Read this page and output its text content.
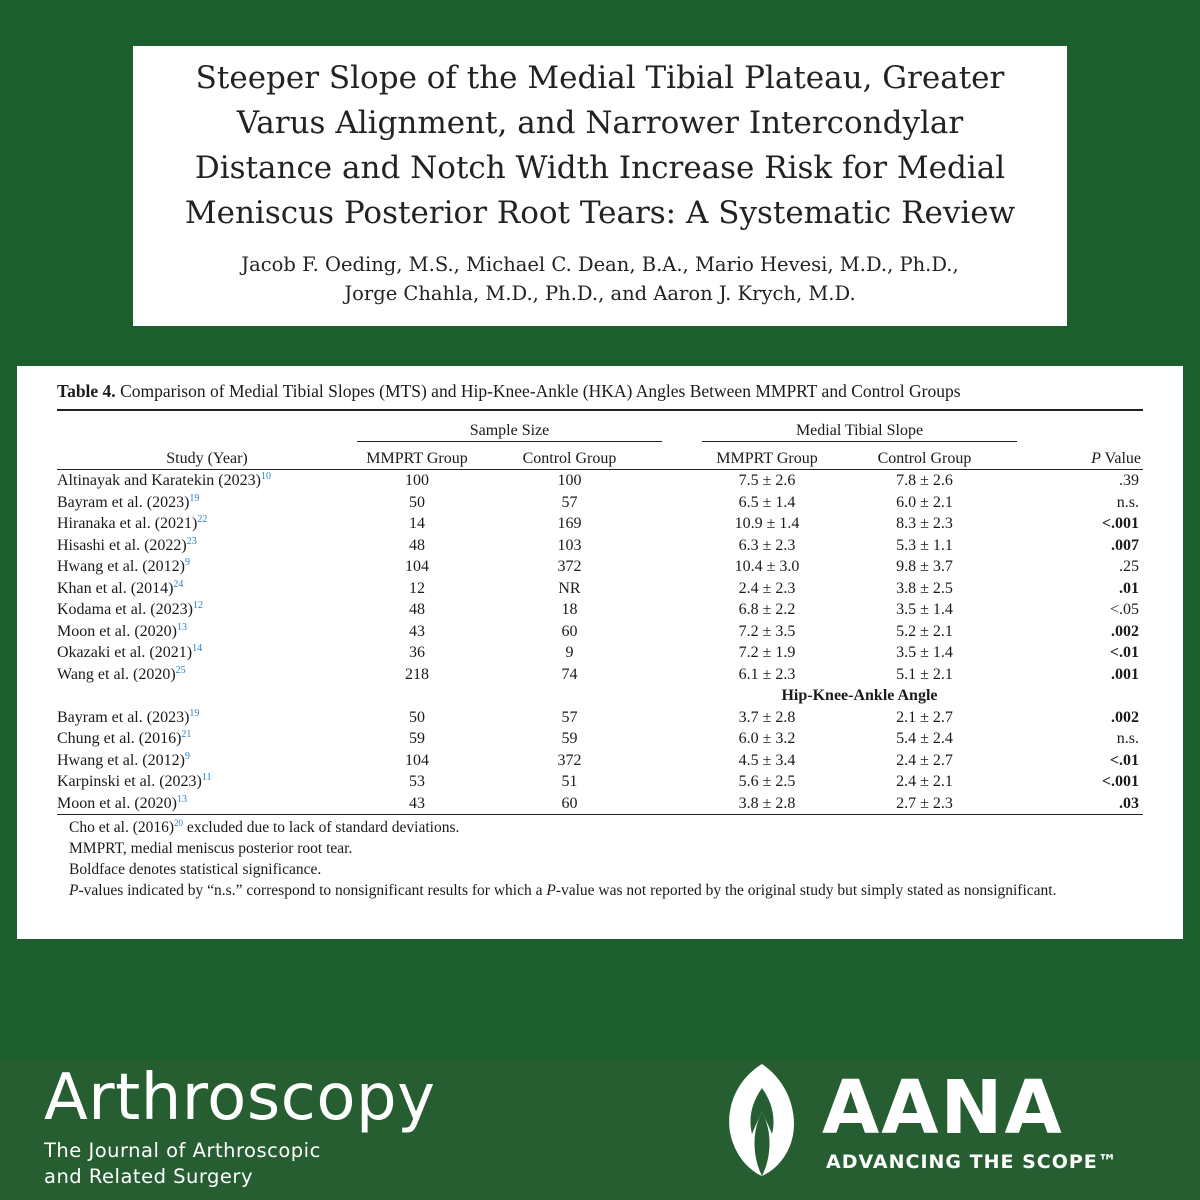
Steeper Slope of the Medial Tibial Plateau, Greater
Varus Alignment, and Narrower Intercondylar
Distance and Notch Width Increase Risk for Medial
Meniscus Posterior Root Tears: A Systematic Review
Jacob F. Oeding, M.S., Michael C. Dean, B.A., Mario Hevesi, M.D., Ph.D.,
Jorge Chahla, M.D., Ph.D., and Aaron J. Krych, M.D.
Table 4. Comparison of Medial Tibial Slopes (MTS) and Hip-Knee-Ankle (HKA) Angles Between MMPRT and Control Groups
	Sample Size			Medial Tibial Slope		
Study (Year)	MMPRT Group	Control Group		MMPRT Group	Control Group	P Value
Altinayak and Karatekin $(2023)^{10}$	100	100		7.5 ± 2.6	7.8 ± 2.6	.39
Bayram et al. $(2023)^{19}$	50	57		6.5 ± 1.4	6.0 ± 2.1	n.s.
Hiranaka et al. $(2021)^{22}$	14	169		10.9 ± 1.4	8.3 ± 2.3	<.001
Hisashi et al. $(2022)^{23}$	48	103		6.3 ± 2.3	5.3 ± 1.1	.007
Hwang et al. $(2012)^9$	104	372		10.4 ± 3.0	9.8 ± 3.7	.25
Khan et al. $(2014)^{24}$	12	NR		2.4 ± 2.3	3.8 ± 2.5	.01
Kodama et al. $(2023)^{12}$	48	18		6.8 ± 2.2	3.5 ± 1.4	<.05
Moon et al. $(2020)^{13}$	43	60		7.2 ± 3.5	5.2 ± 2.1	.002
Okazaki et al. $(2021)^{14}$	36	9		7.2 ± 1.9	3.5 ± 1.4	<.01
Wang et al. $(2020)^{25}$	218	74		6.1 ± 2.3	5.1 ± 2.1	.001
				Hip-Knee-Ankle Angle		
Bayram et al. $(2023)^{19}$	50	57		3.7 ± 2.8	2.1 ± 2.7	.002
Chung et al. $(2016)^{21}$	59	59		6.0 ± 3.2	5.4 ± 2.4	n.s.
Hwang et al. $(2012)^9$	104	372		4.5 ± 3.4	2.4 ± 2.7	<.01
Karpinski et al. $(2023)^{11}$	53	51		5.6 ± 2.5	2.4 ± 2.1	<.001
Moon et al. $(2020)^{13}$	43	60		3.8 ± 2.8	2.7 ± 2.3	.03
Cho et al. $(2016)^{20}$ excluded due to lack of standard deviations.
MMPRT, medial meniscus posterior root tear.
Boldface denotes statistical significance.
P-values indicated by “n.s.” correspond to nonsignificant results for which a P-value was not reported by the original study but simply stated as nonsignificant.
Arthroscopy
The Journal of Arthroscopic
and Related Surgery
AANA
ADVANCING THE SCOPE™
